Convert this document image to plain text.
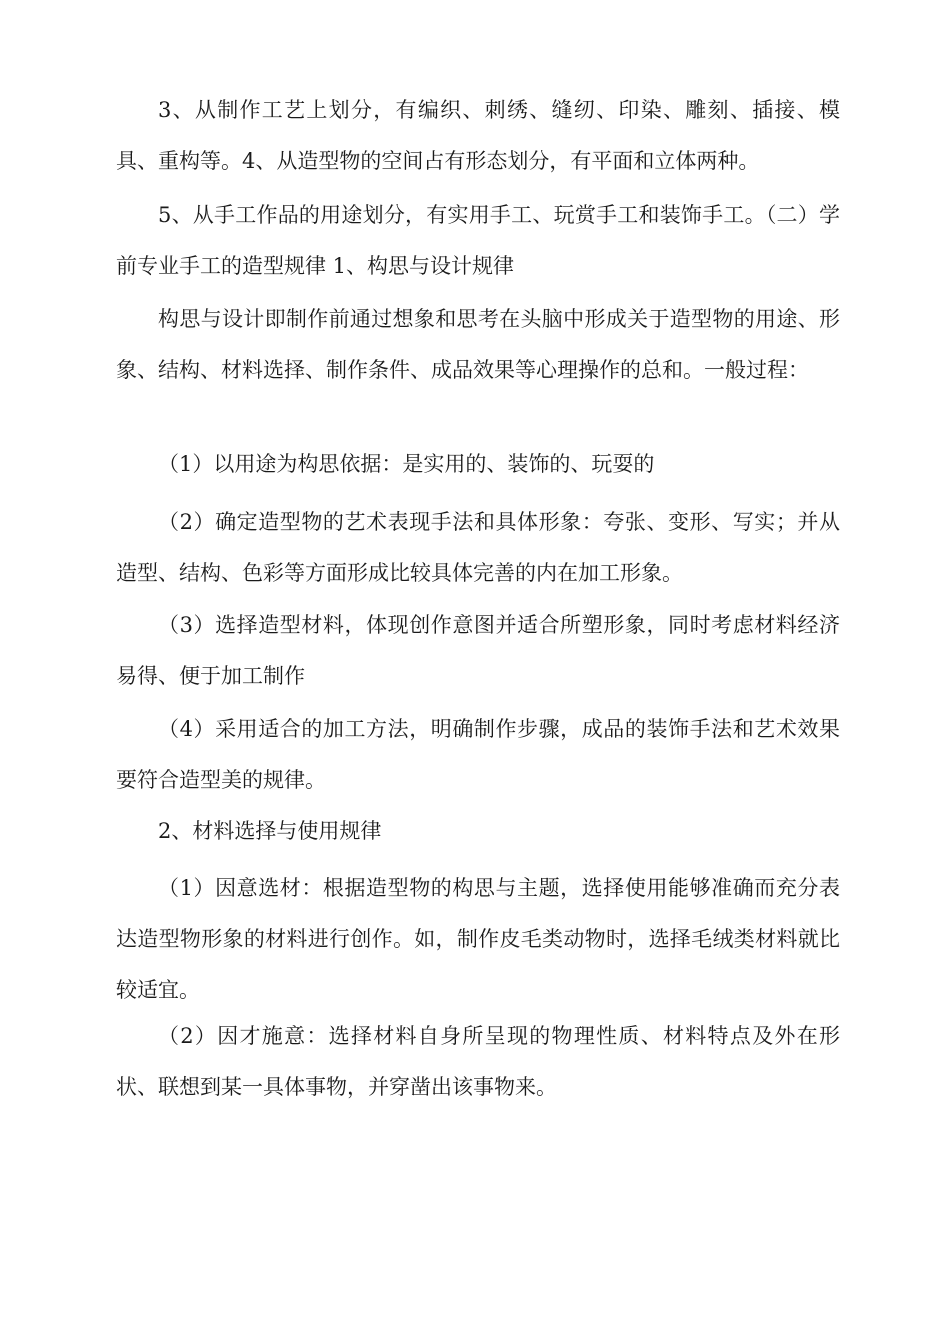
3、从制作工艺上划分，有编织、刺绣、缝纫、印染、雕刻、插接、模具、重构等。4、从造型物的空间占有形态划分，有平面和立体两种。

5、从手工作品的用途划分，有实用手工、玩赏手工和装饰手工。（二）学前专业手工的造型规律 1、构思与设计规律

构思与设计即制作前通过想象和思考在头脑中形成关于造型物的用途、形象、结构、材料选择、制作条件、成品效果等心理操作的总和。一般过程：

（1）以用途为构思依据：是实用的、装饰的、玩耍的

（2）确定造型物的艺术表现手法和具体形象：夸张、变形、写实；并从造型、结构、色彩等方面形成比较具体完善的内在加工形象。

（3）选择造型材料，体现创作意图并适合所塑形象，同时考虑材料经济易得、便于加工制作

（4）采用适合的加工方法，明确制作步骤，成品的装饰手法和艺术效果要符合造型美的规律。

2、材料选择与使用规律

（1）因意选材：根据造型物的构思与主题，选择使用能够准确而充分表达造型物形象的材料进行创作。如，制作皮毛类动物时，选择毛绒类材料就比较适宜。

（2）因才施意：选择材料自身所呈现的物理性质、材料特点及外在形状、联想到某一具体事物，并穿凿出该事物来。
